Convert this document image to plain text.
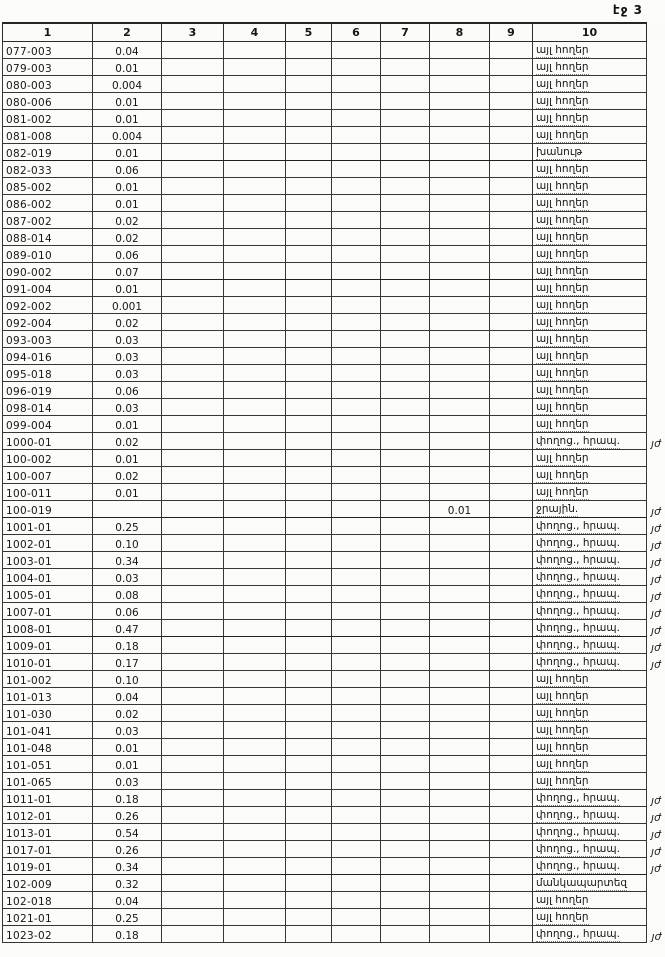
էջ 3
1	2	3	4	5	6	7	8	9	10	
077-003	0.04								այլ հողեր	
079-003	0.01								այլ հողեր	
080-003	0.004								այլ հողեր	
080-006	0.01								այլ հողեր	
081-002	0.01								այլ հողեր	
081-008	0.004								այլ հողեր	
082-019	0.01								խանութ	
082-033	0.06								այլ հողեր	
085-002	0.01								այլ հողեր	
086-002	0.01								այլ հողեր	
087-002	0.02								այլ հողեր	
088-014	0.02								այլ հողեր	
089-010	0.06								այլ հողեր	
090-002	0.07								այլ հողեր	
091-004	0.01								այլ հողեր	
092-002	0.001								այլ հողեր	
092-004	0.02								այլ հողեր	
093-003	0.03								այլ հողեր	
094-016	0.03								այլ հողեր	
095-018	0.03								այլ հողեր	
096-019	0.06								այլ հողեր	
098-014	0.03								այլ հողեր	
099-004	0.01								այլ հողեր	
1000-01	0.02								փողոց., հրապ.	յժ
100-002	0.01								այլ հողեր	
100-007	0.02								այլ հողեր	
100-011	0.01								այլ հողեր	
100-019							0.01		ջրային.	յժ
1001-01	0.25								փողոց., հրապ.	յժ
1002-01	0.10								փողոց., հրապ.	յժ
1003-01	0.34								փողոց., հրապ.	յժ
1004-01	0.03								փողոց., հրապ.	յժ
1005-01	0.08								փողոց., հրապ.	յժ
1007-01	0.06								փողոց., հրապ.	յժ
1008-01	0.47								փողոց., հրապ.	յժ
1009-01	0.18								փողոց., հրապ.	յժ
1010-01	0.17								փողոց., հրապ.	յժ
101-002	0.10								այլ հողեր	
101-013	0.04								այլ հողեր	
101-030	0.02								այլ հողեր	
101-041	0.03								այլ հողեր	
101-048	0.01								այլ հողեր	
101-051	0.01								այլ հողեր	
101-065	0.03								այլ հողեր	
1011-01	0.18								փողոց., հրապ.	յժ
1012-01	0.26								փողոց., հրապ.	յժ
1013-01	0.54								փողոց., հրապ.	յժ
1017-01	0.26								փողոց., հրապ.	յժ
1019-01	0.34								փողոց., հրապ.	յժ
102-009	0.32								մանկապարտեզ	
102-018	0.04								այլ հողեր	
1021-01	0.25								այլ հողեր	
1023-02	0.18								փողոց., հրապ.	յժ
